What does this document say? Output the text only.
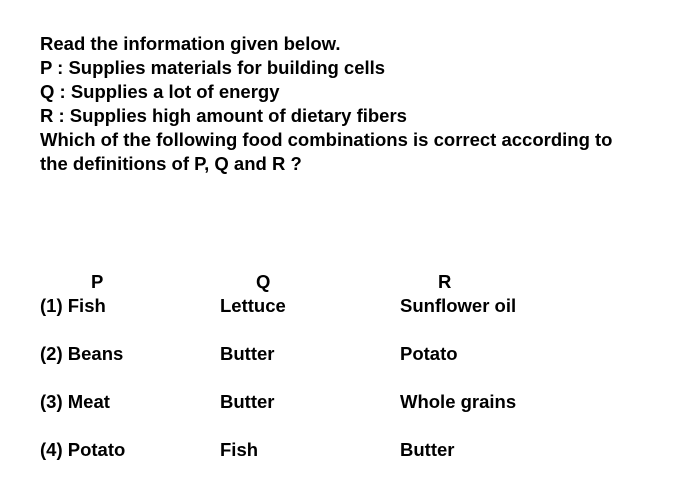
Read the information given below.
P : Supplies materials for building cells
Q : Supplies a lot of energy
R : Supplies high amount of dietary fibers
Which of the following food combinations is correct according to
the definitions of P, Q and R ?
P	Q	R
(1) Fish	Lettuce	Sunflower oil
(2) Beans	Butter	Potato
(3) Meat	Butter	Whole grains
(4) Potato	Fish	Butter
